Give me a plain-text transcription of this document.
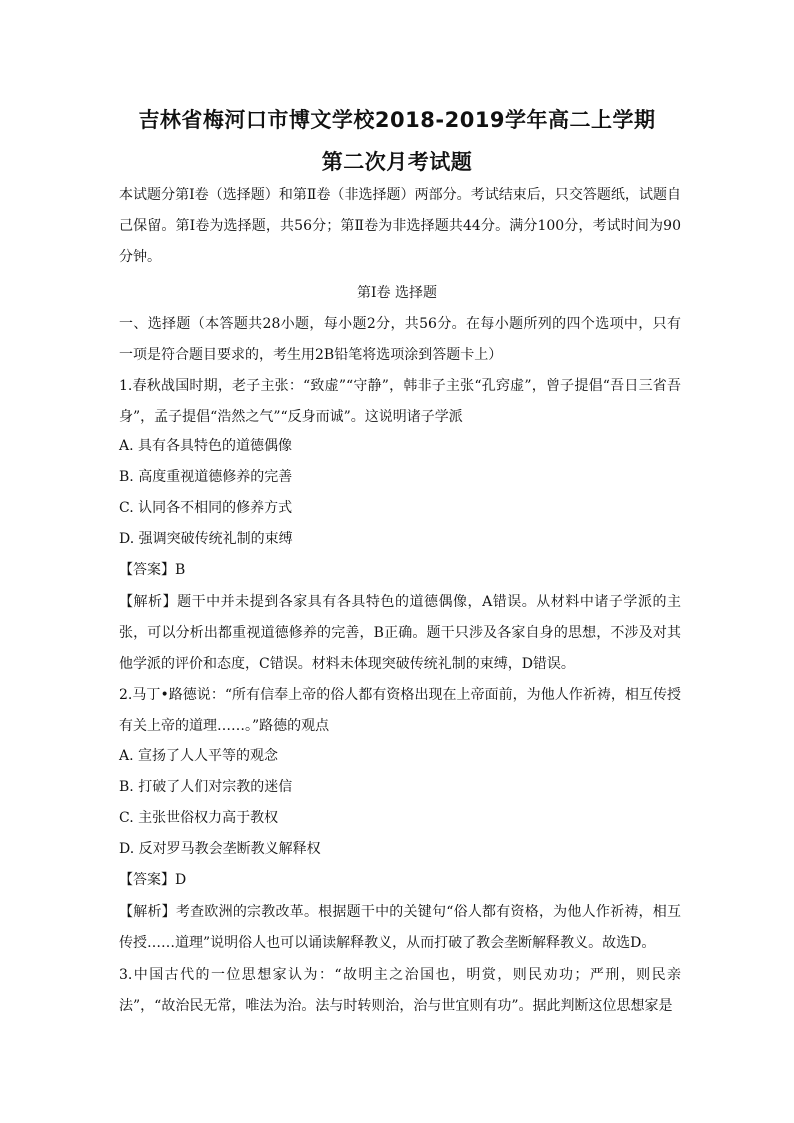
吉林省梅河口市博文学校2018-2019学年高二上学期
第二次月考试题

本试题分第Ⅰ卷（选择题）和第Ⅱ卷（非选择题）两部分。考试结束后，只交答题纸，试题自己保留。第Ⅰ卷为选择题，共56分；第Ⅱ卷为非选择题共44分。满分100分，考试时间为90分钟。

第Ⅰ卷 选择题

一、选择题（本答题共28小题，每小题2分，共56分。在每小题所列的四个选项中，只有一项是符合题目要求的，考生用2B铅笔将选项涂到答题卡上）

1.春秋战国时期，老子主张：“致虚”“守静”，韩非子主张“孔窍虚”，曾子提倡“吾日三省吾身”，孟子提倡“浩然之气”“反身而诚”。这说明诸子学派

A. 具有各具特色的道德偶像

B. 高度重视道德修养的完善

C. 认同各不相同的修养方式

D. 强调突破传统礼制的束缚

【答案】B

【解析】题干中并未提到各家具有各具特色的道德偶像，A错误。从材料中诸子学派的主张，可以分析出都重视道德修养的完善，B正确。题干只涉及各家自身的思想，不涉及对其他学派的评价和态度，C错误。材料未体现突破传统礼制的束缚，D错误。

2.马丁•路德说：“所有信奉上帝的俗人都有资格出现在上帝面前，为他人作祈祷，相互传授有关上帝的道理……。”路德的观点

A. 宣扬了人人平等的观念

B. 打破了人们对宗教的迷信

C. 主张世俗权力高于教权

D. 反对罗马教会垄断教义解释权

【答案】D

【解析】考查欧洲的宗教改革。根据题干中的关键句“俗人都有资格，为他人作祈祷，相互传授……道理”说明俗人也可以诵读解释教义，从而打破了教会垄断解释教义。故选D。

3.中国古代的一位思想家认为：“故明主之治国也，明赏，则民劝功；严刑，则民亲法”，“故治民无常，唯法为治。法与时转则治，治与世宜则有功”。据此判断这位思想家是
